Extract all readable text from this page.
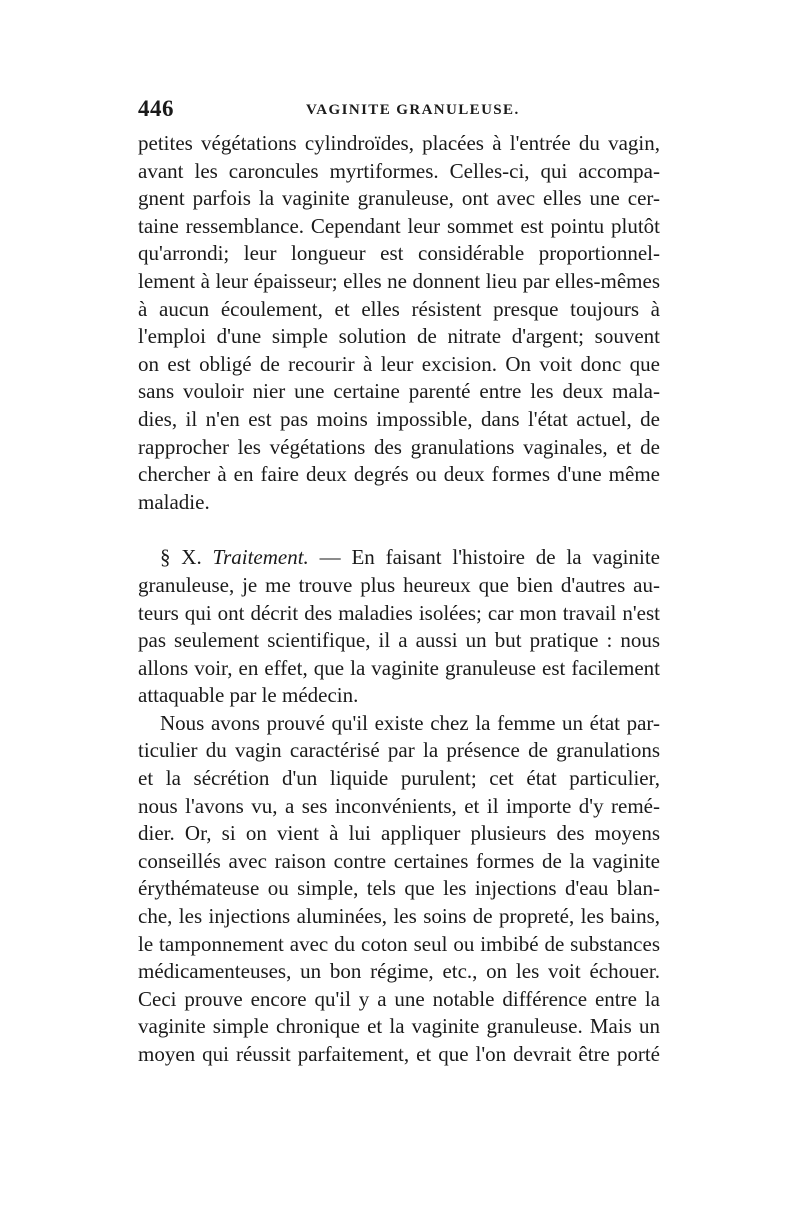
446	VAGINITE GRANULEUSE.
petites végétations cylindroïdes, placées à l'entrée du vagin,
avant les caroncules myrtiformes. Celles-ci, qui accompa-
gnent parfois la vaginite granuleuse, ont avec elles une cer-
taine ressemblance. Cependant leur sommet est pointu plutôt
qu'arrondi; leur longueur est considérable proportionnel-
lement à leur épaisseur; elles ne donnent lieu par elles-mêmes
à aucun écoulement, et elles résistent presque toujours à
l'emploi d'une simple solution de nitrate d'argent; souvent
on est obligé de recourir à leur excision. On voit donc que
sans vouloir nier une certaine parenté entre les deux mala-
dies, il n'en est pas moins impossible, dans l'état actuel, de
rapprocher les végétations des granulations vaginales, et de
chercher à en faire deux degrés ou deux formes d'une même
maladie.
§ X. Traitement. — En faisant l'histoire de la vaginite
granuleuse, je me trouve plus heureux que bien d'autres au-
teurs qui ont décrit des maladies isolées; car mon travail n'est
pas seulement scientifique, il a aussi un but pratique : nous
allons voir, en effet, que la vaginite granuleuse est facilement
attaquable par le médecin.
Nous avons prouvé qu'il existe chez la femme un état par-
ticulier du vagin caractérisé par la présence de granulations
et la sécrétion d'un liquide purulent; cet état particulier,
nous l'avons vu, a ses inconvénients, et il importe d'y remé-
dier. Or, si on vient à lui appliquer plusieurs des moyens
conseillés avec raison contre certaines formes de la vaginite
érythémateuse ou simple, tels que les injections d'eau blan-
che, les injections aluminées, les soins de propreté, les bains,
le tamponnement avec du coton seul ou imbibé de substances
médicamenteuses, un bon régime, etc., on les voit échouer.
Ceci prouve encore qu'il y a une notable différence entre la
vaginite simple chronique et la vaginite granuleuse. Mais un
moyen qui réussit parfaitement, et que l'on devrait être porté
